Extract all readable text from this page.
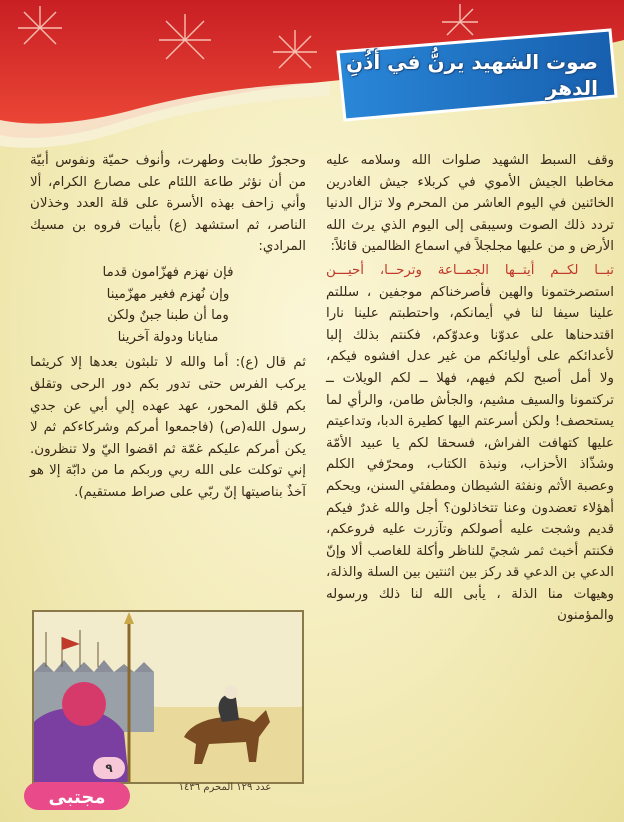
صوت الشهيد يرنُّ في أذُنِ الدهر

وقف السبط الشهيد صلوات الله وسلامه عليه مخاطبا الجيش الأموي في كربلاء جيش الغادرين الخائنين في اليوم العاشر من المحرم ولا تزال الدنيا تردد ذلك الصوت وسيبقى إلى اليوم الذي يرث الله الأرض و من عليها مجلجلاً في اسماع الظالمين قائلاً:

تبــا لكــم أيتــها الجمــاعة وترحــا، أحيـــن استصرختمونا والهين فأصرخناكم موجفين ، سللتم علينا سيفا لنا في أيمانكم، واحتطبتم علينا نارا اقتدحناها على عدوّنا وعدوّكم، فكنتم بذلك إلبا لأعدائكم على أوليائكم من غير عدل افشوه فيكم، ولا أمل أصبح لكم فيهم، فهلا ــ لكم الويلات ــ تركتمونا والسيف مشيم، والجأش طامن، والرأي لما يستحصف! ولكن أسرعتم اليها كطيرة الدبا، وتداعيتم عليها كتهافت الفراش، فسحقا لكم يا عبيد الأمّة وشذّاذ الأحزاب، ونبذة الكتاب، ومحرّفي الكلم وعصبة الأثم ونفثة الشيطان ومطفئي السنن، ويحكم أهؤلاء تعضدون وعنا تتخاذلون؟ أجل والله غدرٌ فيكم قديم وشجت عليه أصولكم وتآزرت عليه فروعكم، فكنتم أخبث ثمر شجيً للناظر وأكلة للغاصب ألا وإنّ الدعي بن الدعي قد ركز بين اثنتين بين السلة والذلة، وهيهات منا الذلة ، يأبى الله لنا ذلك ورسوله والمؤمنون

وحجورٌ طابت وطهرت، وأنوف حميّة ونفوس أبيّة من أن نؤثر طاعة اللئام على مصارع الكرام، ألا وأني زاحف بهذه الأسرة على قلة العدد وخذلان الناصر، ثم استشهد (ع) بأبيات فروه بن مسيك المرادي:

فإن نهزم فهزّامون قدما
وإن نُهزم فغير مهزّمينا
وما أن طبنا جبنٌ ولكن
منايانا ودولة آخرينا

ثم قال (ع): أما والله لا تلبثون بعدها إلا كريثما يركب الفرس حتى تدور بكم دور الرحى وتقلق بكم قلق المحور، عهد عهده إلي أبي عن جدي رسول الله(ص) (فاجمعوا أمركم وشركاءكم ثم لا يكن أمركم عليكم غمّة ثم اقضوا اليّ ولا تنظرون. إني توكلت على الله ربي وربكم ما من دابّة إلا هو آخذٌ بناصيتها إنّ ربّي على صراط مستقيم).

٩
عدد ١٢٩ المحرم ١٤٣٦
مجتبى
